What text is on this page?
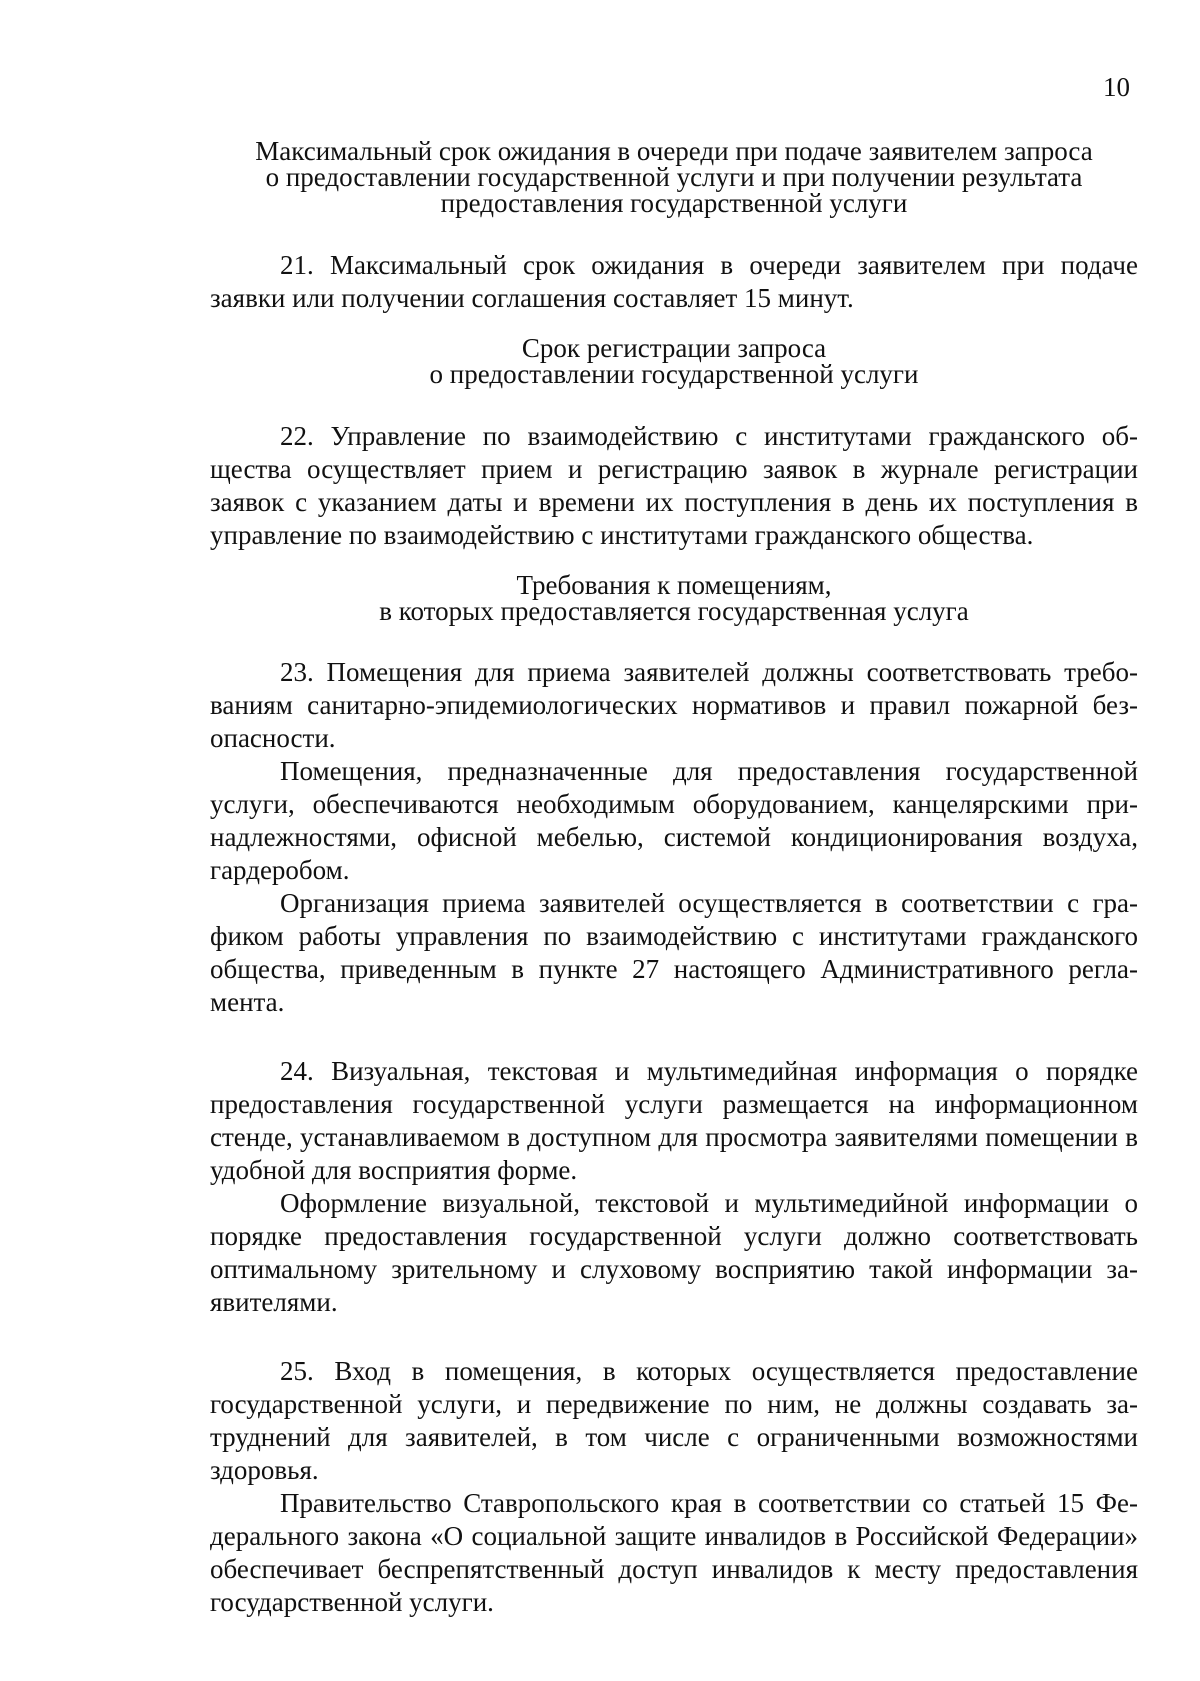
10
Максимальный срок ожидания в очереди при подаче заявителем запроса
о предоставлении государственной услуги и при получении результата
предоставления государственной услуги

21. Максимальный срок ожидания в очереди заявителем при подаче заявки или получении соглашения составляет 15 минут.

Срок регистрации запроса
о предоставлении государственной услуги

22. Управление по взаимодействию с институтами гражданского общества осуществляет прием и регистрацию заявок в журнале регистрации заявок с указанием даты и времени их поступления в день их поступления в управление по взаимодействию с институтами гражданского общества.

Требования к помещениям,
в которых предоставляется государственная услуга

23. Помещения для приема заявителей должны соответствовать требованиям санитарно-эпидемиологических нормативов и правил пожарной безопасности.

Помещения, предназначенные для предоставления государственной услуги, обеспечиваются необходимым оборудованием, канцелярскими принадлежностями, офисной мебелью, системой кондиционирования воздуха, гардеробом.

Организация приема заявителей осуществляется в соответствии с графиком работы управления по взаимодействию с институтами гражданского общества, приведенным в пункте 27 настоящего Административного регламента.

24. Визуальная, текстовая и мультимедийная информация о порядке предоставления государственной услуги размещается на информационном стенде, устанавливаемом в доступном для просмотра заявителями помещении в удобной для восприятия форме.

Оформление визуальной, текстовой и мультимедийной информации о порядке предоставления государственной услуги должно соответствовать оптимальному зрительному и слуховому восприятию такой информации заявителями.

25. Вход в помещения, в которых осуществляется предоставление государственной услуги, и передвижение по ним, не должны создавать затруднений для заявителей, в том числе с ограниченными возможностями здоровья.

Правительство Ставропольского края в соответствии со статьей 15 Федерального закона «О социальной защите инвалидов в Российской Федерации» обеспечивает беспрепятственный доступ инвалидов к месту предоставления государственной услуги.
